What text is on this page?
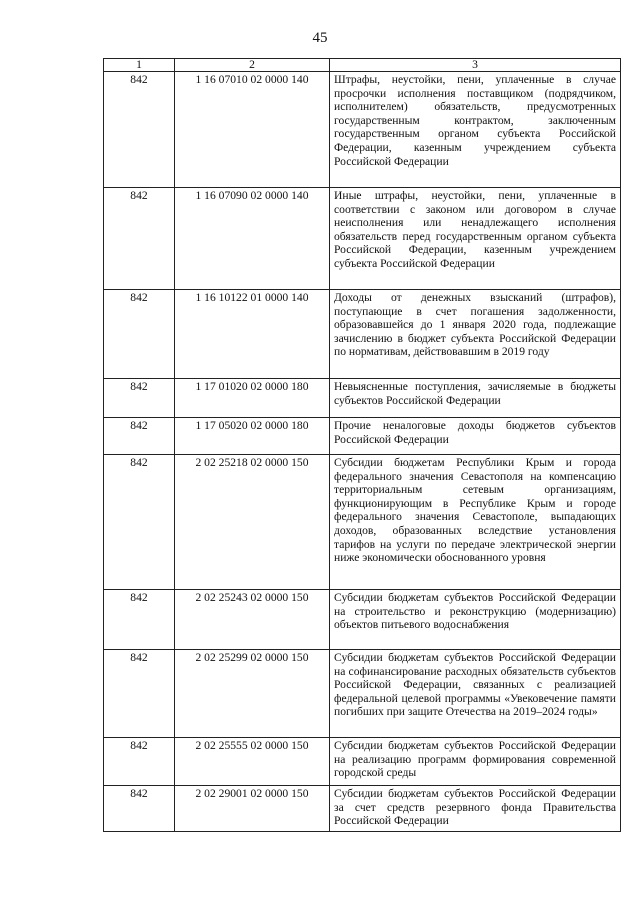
45
1	2	3
842	1 16 07010 02 0000 140	Штрафы, неустойки, пени, уплаченные в случае просрочки исполнения поставщиком (подрядчиком, исполнителем) обязательств, предусмотренных государственным контрактом, заключенным государственным органом субъекта Российской Федерации, казенным учреждением субъекта Российской Федерации
842	1 16 07090 02 0000 140	Иные штрафы, неустойки, пени, уплаченные в соответствии с законом или договором в случае неисполнения или ненадлежащего исполнения обязательств перед государственным органом субъекта Российской Федерации, казенным учреждением субъекта Российской Федерации
842	1 16 10122 01 0000 140	Доходы от денежных взысканий (штрафов), поступающие в счет погашения задолженности, образовавшейся до 1 января 2020 года, подлежащие зачислению в бюджет субъекта Российской Федерации по нормативам, действовавшим в 2019 году
842	1 17 01020 02 0000 180	Невыясненные поступления, зачисляемые в бюджеты субъектов Российской Федерации
842	1 17 05020 02 0000 180	Прочие неналоговые доходы бюджетов субъектов Российской Федерации
842	2 02 25218 02 0000 150	Субсидии бюджетам Республики Крым и города федерального значения Севастополя на компенсацию территориальным сетевым организациям, функционирующим в Республике Крым и городе федерального значения Севастополе, выпадающих доходов, образованных вследствие установления тарифов на услуги по передаче электрической энергии ниже экономически обоснованного уровня
842	2 02 25243 02 0000 150	Субсидии бюджетам субъектов Российской Федерации на строительство и реконструкцию (модернизацию) объектов питьевого водоснабжения
842	2 02 25299 02 0000 150	Субсидии бюджетам субъектов Российской Федерации на софинансирование расходных обязательств субъектов Российской Федерации, связанных с реализацией федеральной целевой программы «Увековечение памяти погибших при защите Отечества на 2019–2024 годы»
842	2 02 25555 02 0000 150	Субсидии бюджетам субъектов Российской Федерации на реализацию программ формирования современной городской среды
842	2 02 29001 02 0000 150	Субсидии бюджетам субъектов Российской Федерации за счет средств резервного фонда Правительства Российской Федерации
